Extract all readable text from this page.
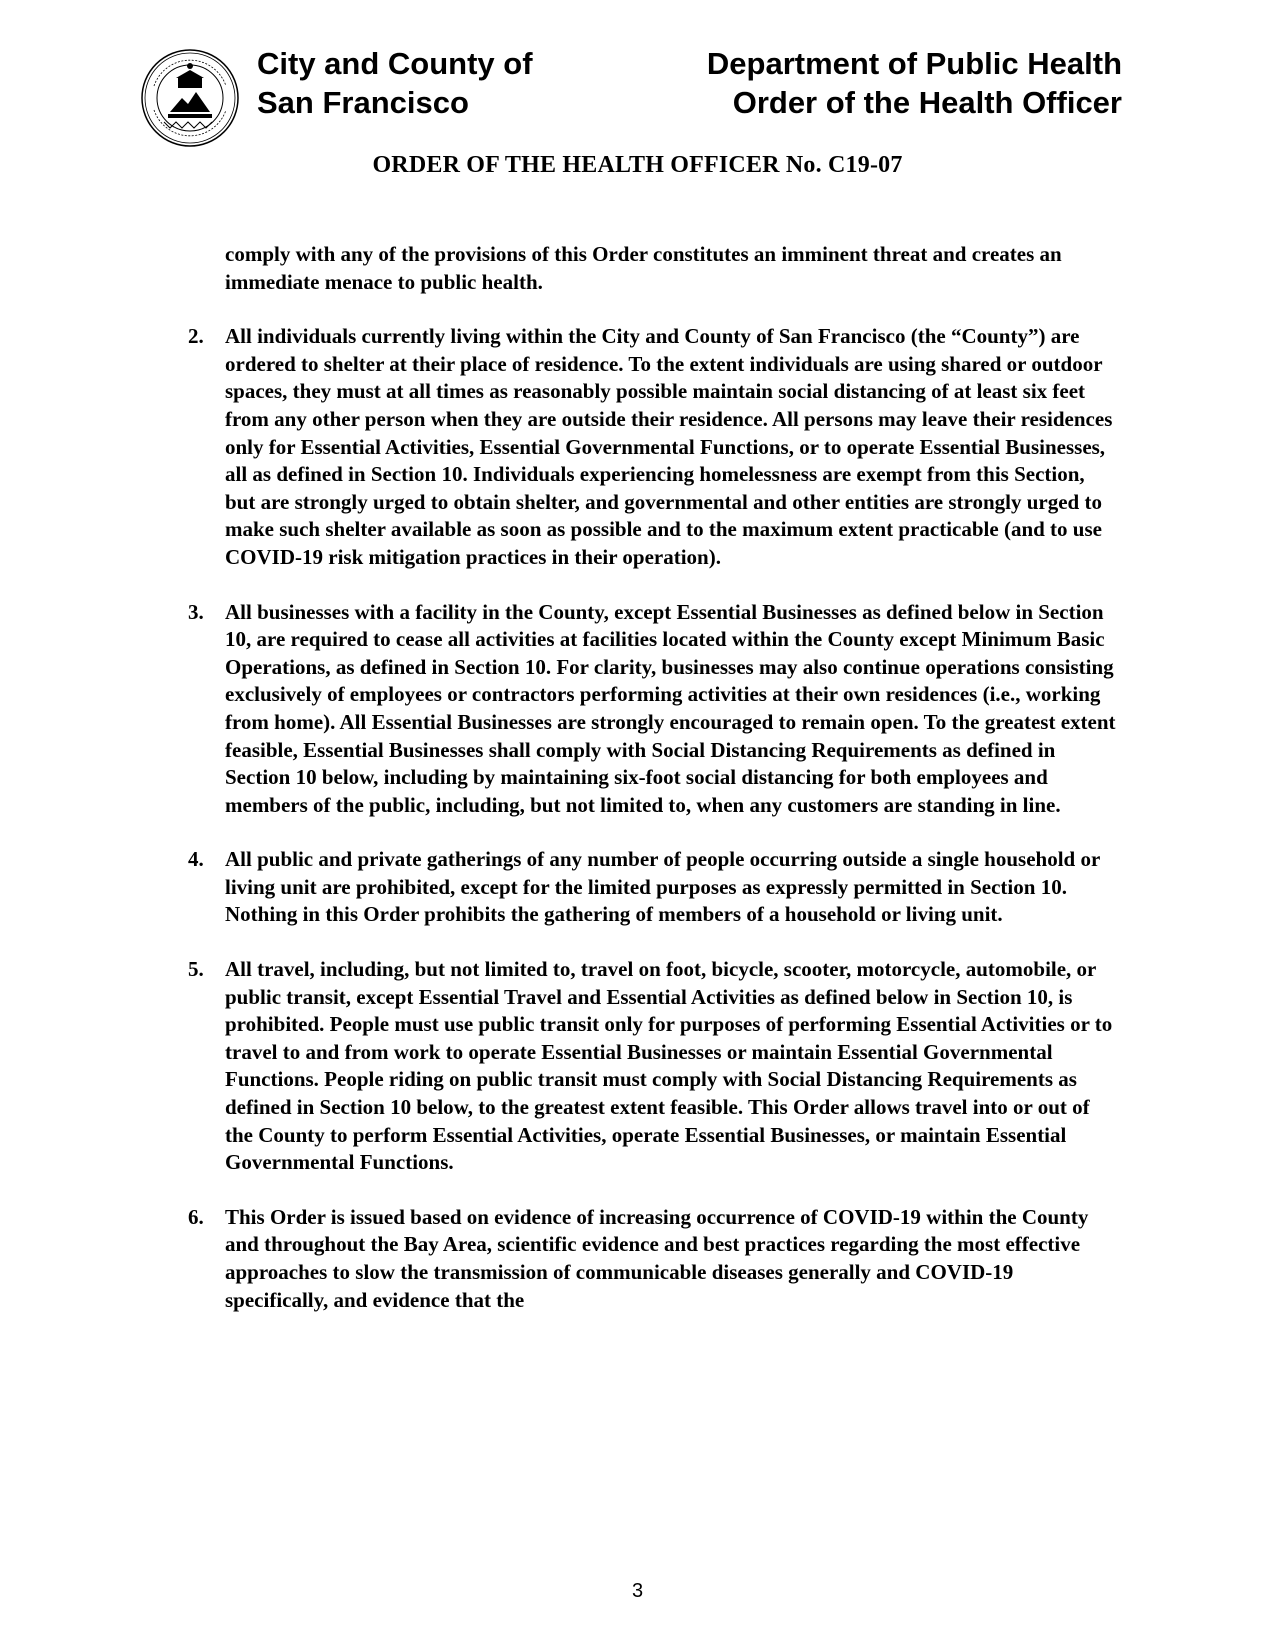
City and County of
San Francisco
Department of Public Health
Order of the Health Officer
ORDER OF THE HEALTH OFFICER No. C19-07

comply with any of the provisions of this Order constitutes an imminent threat and creates an immediate menace to public health.

2. All individuals currently living within the City and County of San Francisco (the “County”) are ordered to shelter at their place of residence. To the extent individuals are using shared or outdoor spaces, they must at all times as reasonably possible maintain social distancing of at least six feet from any other person when they are outside their residence. All persons may leave their residences only for Essential Activities, Essential Governmental Functions, or to operate Essential Businesses, all as defined in Section 10. Individuals experiencing homelessness are exempt from this Section, but are strongly urged to obtain shelter, and governmental and other entities are strongly urged to make such shelter available as soon as possible and to the maximum extent practicable (and to use COVID-19 risk mitigation practices in their operation).
3. All businesses with a facility in the County, except Essential Businesses as defined below in Section 10, are required to cease all activities at facilities located within the County except Minimum Basic Operations, as defined in Section 10. For clarity, businesses may also continue operations consisting exclusively of employees or contractors performing activities at their own residences (i.e., working from home). All Essential Businesses are strongly encouraged to remain open. To the greatest extent feasible, Essential Businesses shall comply with Social Distancing Requirements as defined in Section 10 below, including by maintaining six-foot social distancing for both employees and members of the public, including, but not limited to, when any customers are standing in line.
4. All public and private gatherings of any number of people occurring outside a single household or living unit are prohibited, except for the limited purposes as expressly permitted in Section 10. Nothing in this Order prohibits the gathering of members of a household or living unit.
5. All travel, including, but not limited to, travel on foot, bicycle, scooter, motorcycle, automobile, or public transit, except Essential Travel and Essential Activities as defined below in Section 10, is prohibited. People must use public transit only for purposes of performing Essential Activities or to travel to and from work to operate Essential Businesses or maintain Essential Governmental Functions. People riding on public transit must comply with Social Distancing Requirements as defined in Section 10 below, to the greatest extent feasible. This Order allows travel into or out of the County to perform Essential Activities, operate Essential Businesses, or maintain Essential Governmental Functions.
6. This Order is issued based on evidence of increasing occurrence of COVID-19 within the County and throughout the Bay Area, scientific evidence and best practices regarding the most effective approaches to slow the transmission of communicable diseases generally and COVID-19 specifically, and evidence that the
3
